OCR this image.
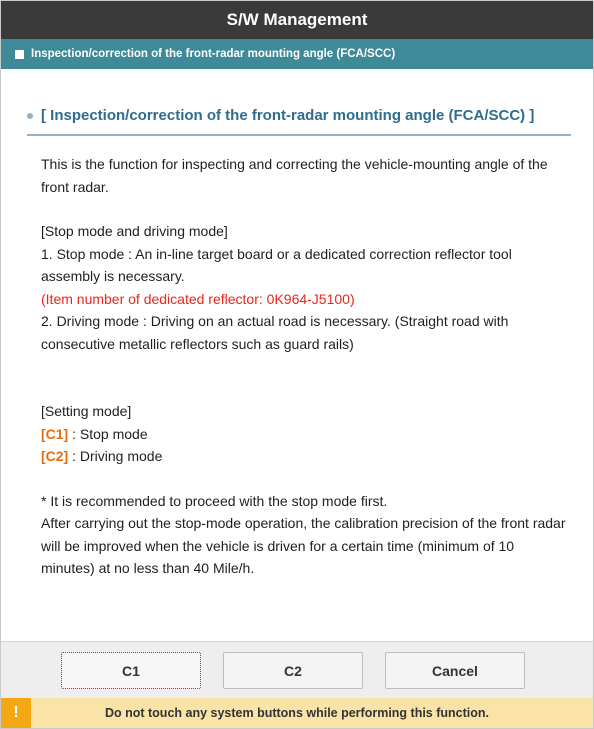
S/W Management
Inspection/correction of the front-radar mounting angle (FCA/SCC)
[ Inspection/correction of the front-radar mounting angle (FCA/SCC) ]

This is the function for inspecting and correcting the vehicle-mounting angle of the front radar.

[Stop mode and driving mode]

1. Stop mode : An in-line target board or a dedicated correction reflector tool assembly is necessary.

(Item number of dedicated reflector: 0K964-J5100)

2. Driving mode : Driving on an actual road is necessary. (Straight road with consecutive metallic reflectors such as guard rails)

[Setting mode]

[C1] : Stop mode

[C2] : Driving mode

* It is recommended to proceed with the stop mode first.

After carrying out the stop-mode operation, the calibration precision of the front radar will be improved when the vehicle is driven for a certain time (minimum of 10 minutes) at no less than 40 Mile/h.

C1	C2	Cancel
!	Do not touch any system buttons while performing this function.
